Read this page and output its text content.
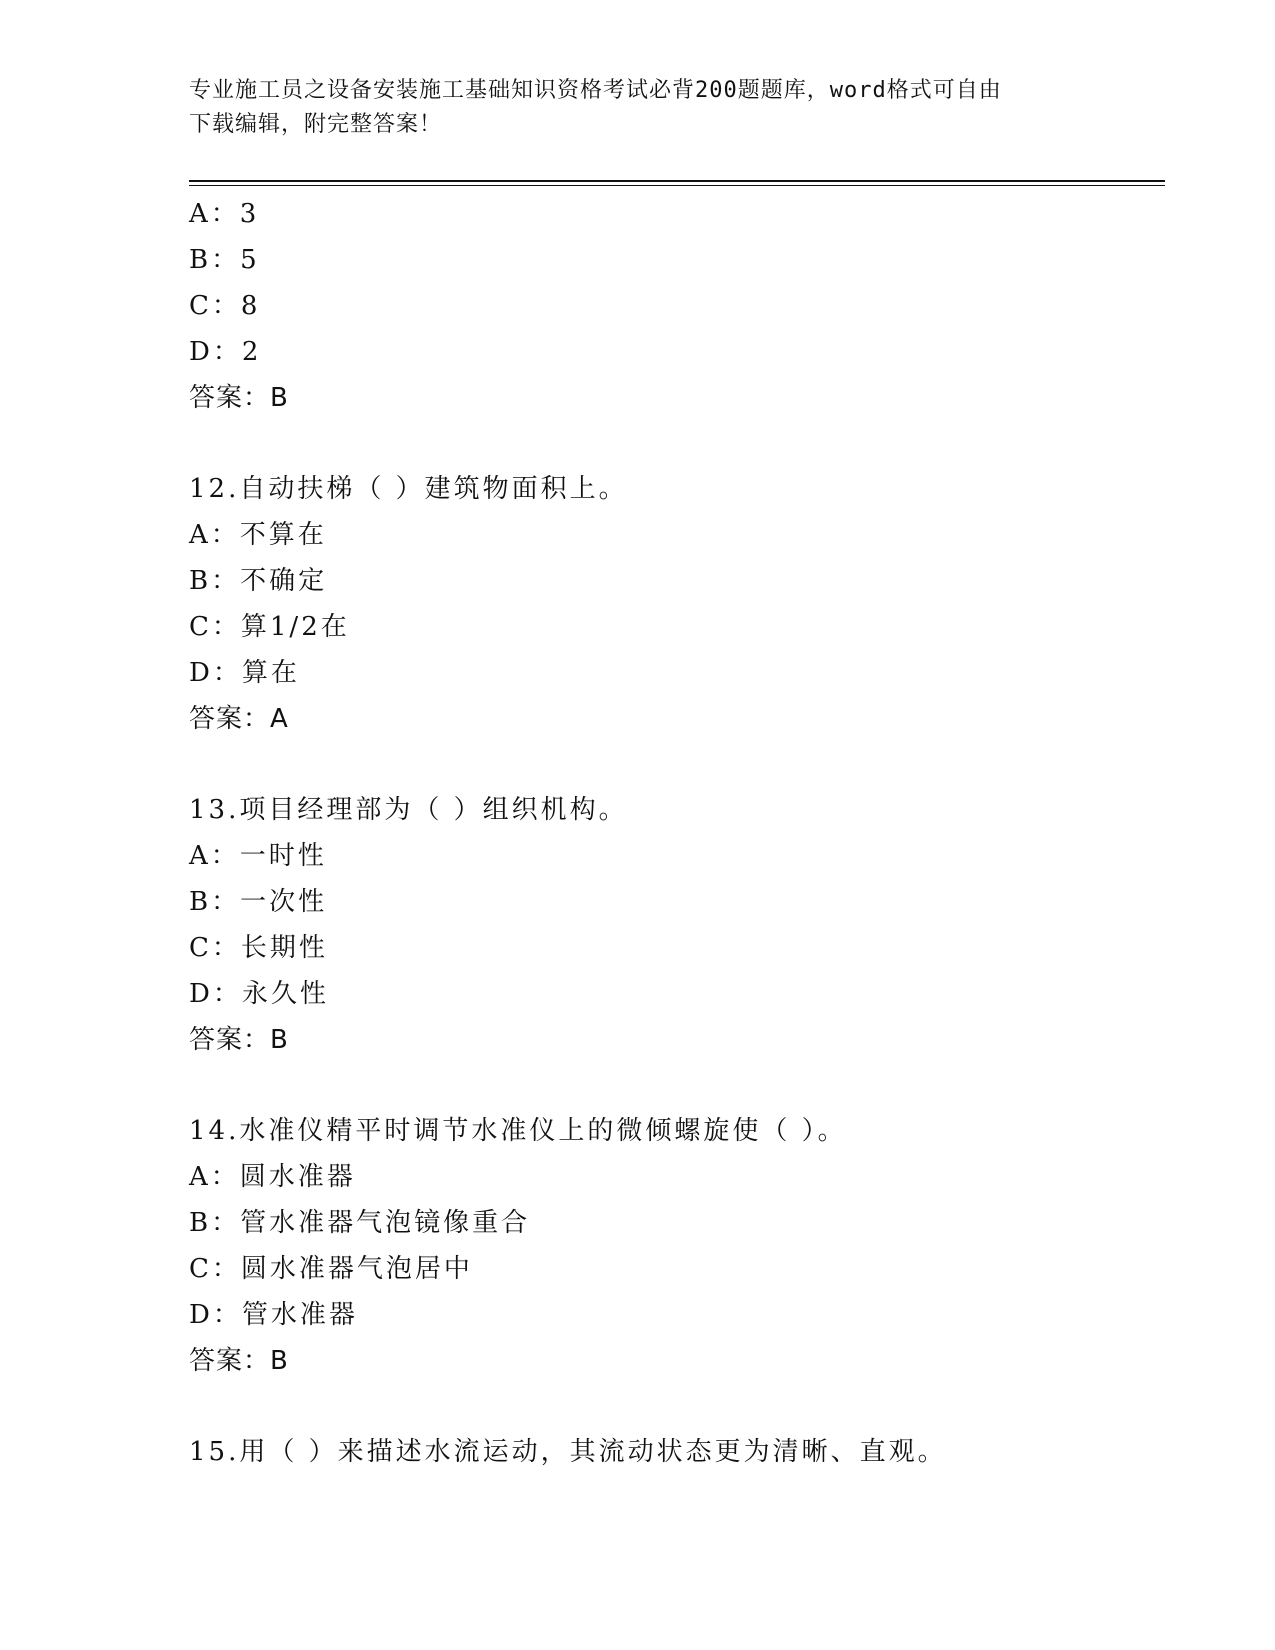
专业施工员之设备安装施工基础知识资格考试必背200题题库，word格式可自由
下载编辑，附完整答案！
A：3
B：5
C：8
D：2
答案：B
12.自动扶梯（ ）建筑物面积上。
A：不算在
B：不确定
C：算1/2在
D：算在
答案：A
13.项目经理部为（ ）组织机构。
A：一时性
B：一次性
C：长期性
D：永久性
答案：B
14.水准仪精平时调节水准仪上的微倾螺旋使（ ）。
A：圆水准器
B：管水准器气泡镜像重合
C：圆水准器气泡居中
D：管水准器
答案：B
15.用（ ）来描述水流运动，其流动状态更为清晰、直观。
